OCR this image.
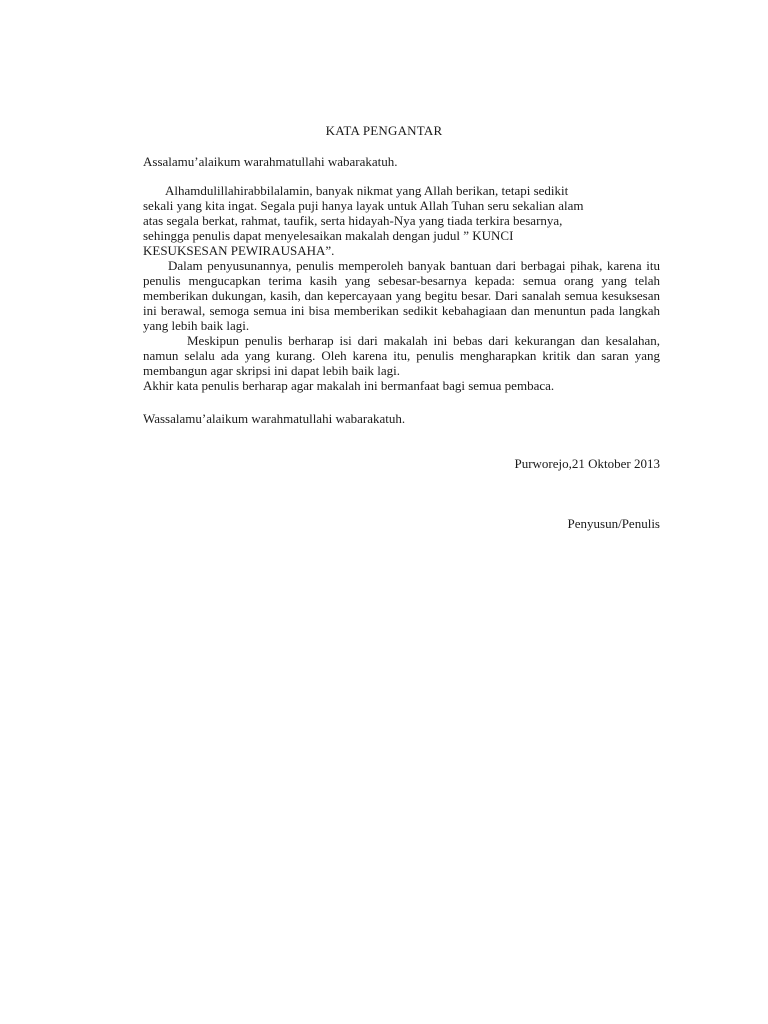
KATA PENGANTAR
Assalamu’alaikum warahmatullahi wabarakatuh.
Alhamdulillahirabbilalamin, banyak nikmat yang Allah berikan, tetapi sedikit
sekali yang kita ingat. Segala puji hanya layak untuk Allah Tuhan seru sekalian alam
atas segala berkat, rahmat, taufik, serta hidayah-Nya yang tiada terkira besarnya,
sehingga penulis dapat menyelesaikan makalah dengan judul ” KUNCI
KESUKSESAN PEWIRAUSAHA”.

Dalam penyusunannya, penulis memperoleh banyak bantuan dari berbagai pihak, karena itu penulis mengucapkan terima kasih yang sebesar-besarnya kepada: semua orang yang telah memberikan dukungan, kasih, dan kepercayaan yang begitu besar. Dari sanalah semua kesuksesan ini berawal, semoga semua ini bisa memberikan sedikit kebahagiaan dan menuntun pada langkah yang lebih baik lagi.

Meskipun penulis berharap isi dari makalah ini bebas dari kekurangan dan kesalahan, namun selalu ada yang kurang. Oleh karena itu, penulis mengharapkan kritik dan saran yang membangun agar skripsi ini dapat lebih baik lagi.

Akhir kata penulis berharap agar makalah ini bermanfaat bagi semua pembaca.

Wassalamu’alaikum warahmatullahi wabarakatuh.
Purworejo,21 Oktober 2013
Penyusun/Penulis
